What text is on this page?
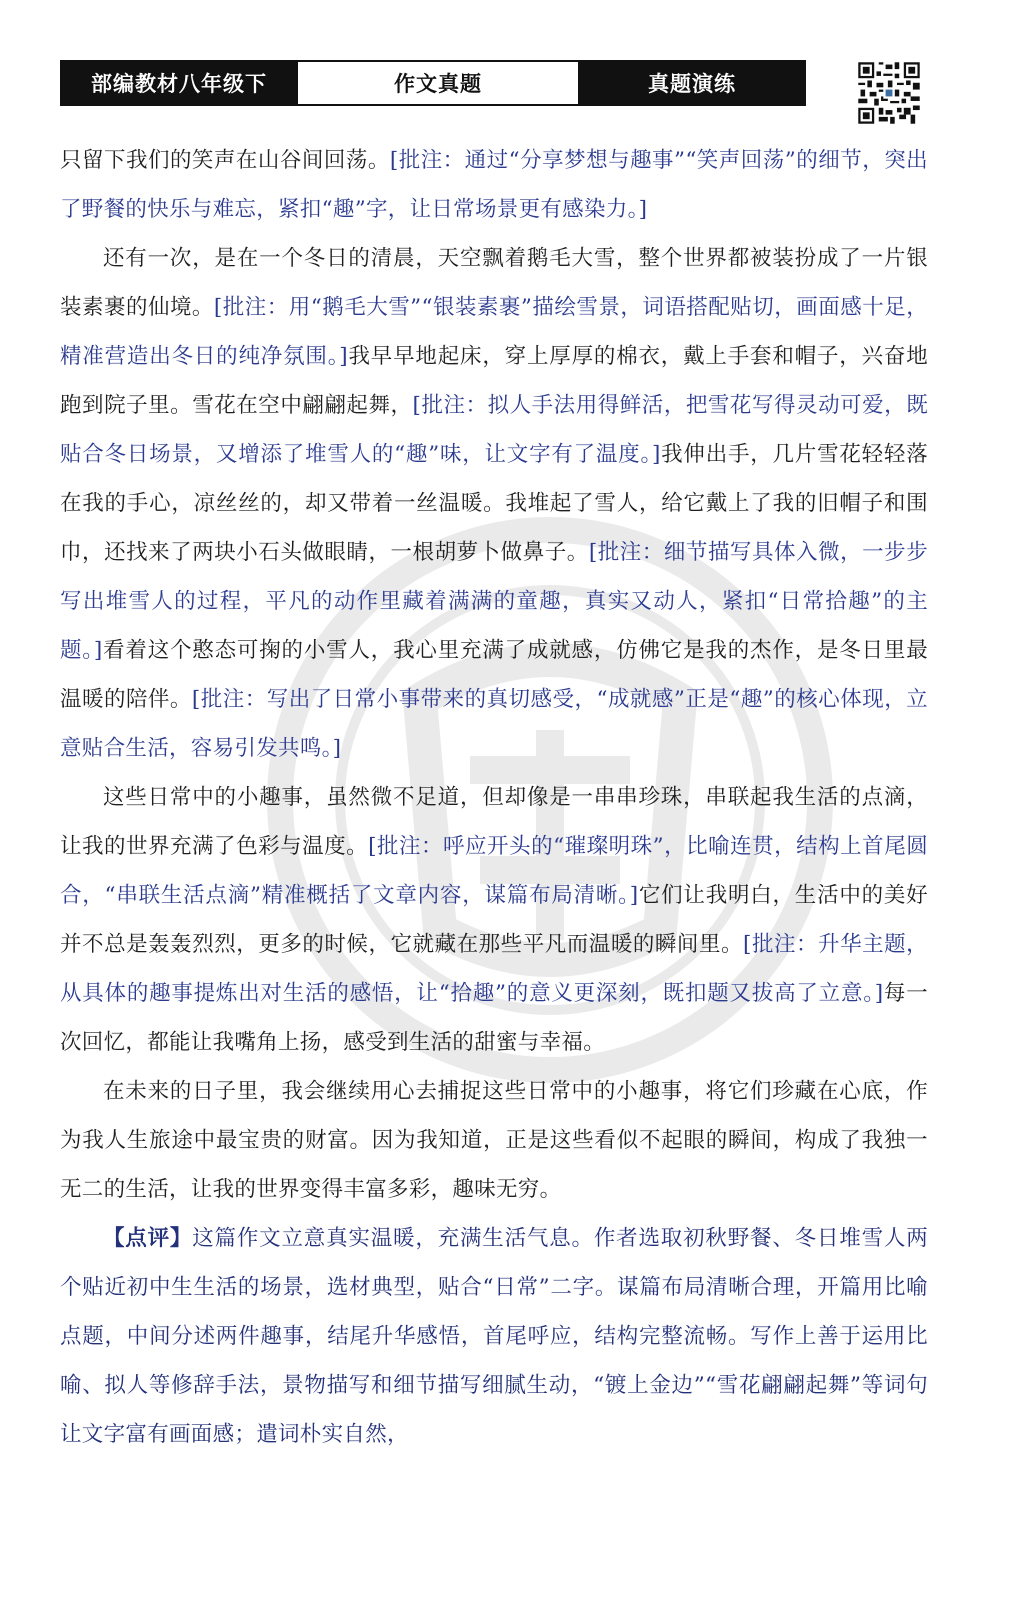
部编教材八年级下	作文真题	真题演练

只留下我们的笑声在山谷间回荡。[批注：通过“分享梦想与趣事”“笑声回荡”的细节，突出了野餐的快乐与难忘，紧扣“趣”字，让日常场景更有感染力。]

还有一次，是在一个冬日的清晨，天空飘着鹅毛大雪，整个世界都被装扮成了一片银装素裹的仙境。[批注：用“鹅毛大雪”“银装素裹”描绘雪景，词语搭配贴切，画面感十足，精准营造出冬日的纯净氛围。]我早早地起床，穿上厚厚的棉衣，戴上手套和帽子，兴奋地跑到院子里。雪花在空中翩翩起舞，[批注：拟人手法用得鲜活，把雪花写得灵动可爱，既贴合冬日场景，又增添了堆雪人的“趣”味，让文字有了温度。]我伸出手，几片雪花轻轻落在我的手心，凉丝丝的，却又带着一丝温暖。我堆起了雪人，给它戴上了我的旧帽子和围巾，还找来了两块小石头做眼睛，一根胡萝卜做鼻子。[批注：细节描写具体入微，一步步写出堆雪人的过程，平凡的动作里藏着满满的童趣，真实又动人，紧扣“日常拾趣”的主题。]看着这个憨态可掬的小雪人，我心里充满了成就感，仿佛它是我的杰作，是冬日里最温暖的陪伴。[批注：写出了日常小事带来的真切感受，“成就感”正是“趣”的核心体现，立意贴合生活，容易引发共鸣。]

这些日常中的小趣事，虽然微不足道，但却像是一串串珍珠，串联起我生活的点滴，让我的世界充满了色彩与温度。[批注：呼应开头的“璀璨明珠”，比喻连贯，结构上首尾圆合，“串联生活点滴”精准概括了文章内容，谋篇布局清晰。]它们让我明白，生活中的美好并不总是轰轰烈烈，更多的时候，它就藏在那些平凡而温暖的瞬间里。[批注：升华主题，从具体的趣事提炼出对生活的感悟，让“拾趣”的意义更深刻，既扣题又拔高了立意。]每一次回忆，都能让我嘴角上扬，感受到生活的甜蜜与幸福。

在未来的日子里，我会继续用心去捕捉这些日常中的小趣事，将它们珍藏在心底，作为我人生旅途中最宝贵的财富。因为我知道，正是这些看似不起眼的瞬间，构成了我独一无二的生活，让我的世界变得丰富多彩，趣味无穷。

【点评】这篇作文立意真实温暖，充满生活气息。作者选取初秋野餐、冬日堆雪人两个贴近初中生生活的场景，选材典型，贴合“日常”二字。谋篇布局清晰合理，开篇用比喻点题，中间分述两件趣事，结尾升华感悟，首尾呼应，结构完整流畅。写作上善于运用比喻、拟人等修辞手法，景物描写和细节描写细腻生动，“镀上金边”“雪花翩翩起舞”等词句让文字富有画面感；遣词朴实自然，
